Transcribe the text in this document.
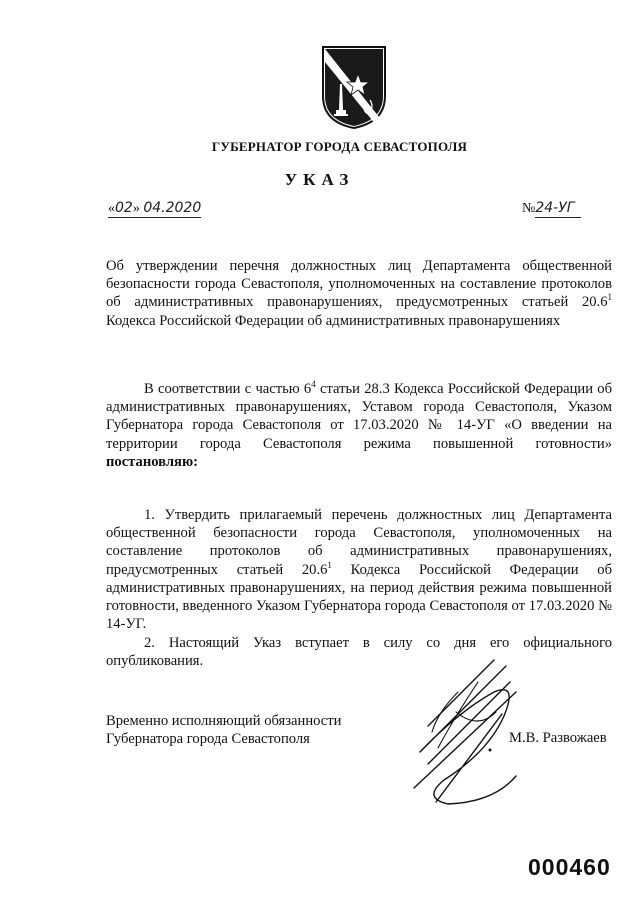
ГУБЕРНАТОР ГОРОДА СЕВАСТОПОЛЯ
УКАЗ
«02» 04.2020	№24-УГ

Об утверждении перечня должностных лиц Департамента общественной безопасности города Севастополя, уполномоченных на составление протоколов об административных правонарушениях, предусмотренных статьей 20.6$^1$ Кодекса Российской Федерации об административных правонарушениях

В соответствии с частью $6^4$ статьи 28.3 Кодекса Российской Федерации об административных правонарушениях, Уставом города Севастополя, Указом Губернатора города Севастополя от 17.03.2020 № 14-УГ «О введении на территории города Севастополя режима повышенной готовности» постановляю:

1. Утвердить прилагаемый перечень должностных лиц Департамента общественной безопасности города Севастополя, уполномоченных на составление протоколов об административных правонарушениях, предусмотренных статьей 20.6$^1$ Кодекса Российской Федерации об административных правонарушениях, на период действия режима повышенной готовности, введенного Указом Губернатора города Севастополя от 17.03.2020 № 14-УГ.

2. Настоящий Указ вступает в силу со дня его официального опубликования.

Временно исполняющий обязанности
Губернатора города Севастополя	М.В. Развожаев
000460
